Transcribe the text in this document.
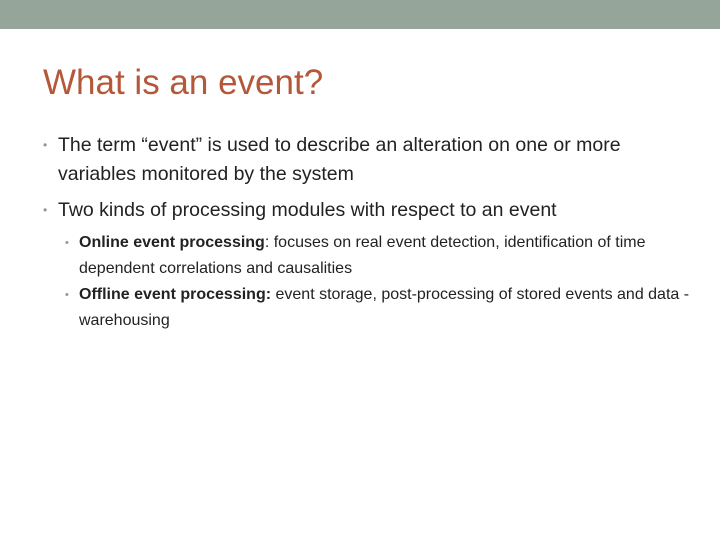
What is an event?
• The term “event” is used to describe an alteration on one or more variables monitored by the system
• Two kinds of processing modules with respect to an event
• Online event processing: focuses on real event detection, identification of time dependent correlations and causalities
• Offline event processing: event storage, post-processing of stored events and data -warehousing
